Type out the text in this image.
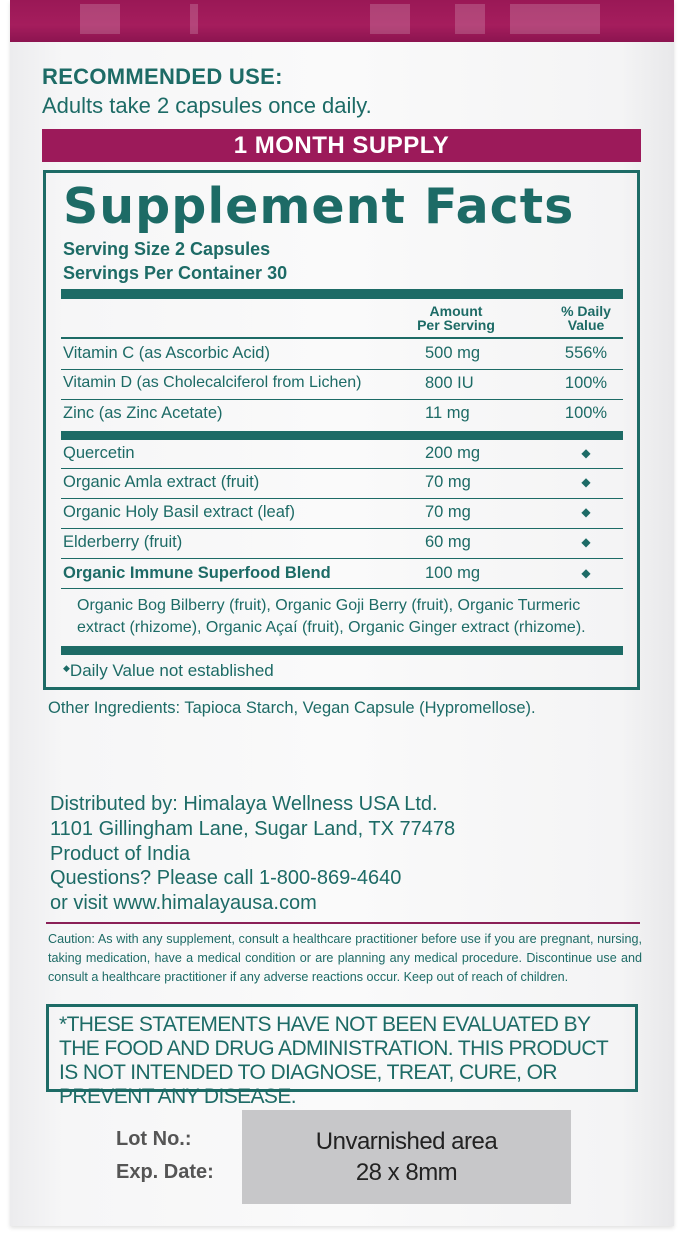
RECOMMENDED USE:
Adults take 2 capsules once daily.
1 MONTH SUPPLY
Supplement Facts
Serving Size 2 Capsules
Servings Per Container 30
Amount
Per Serving
% Daily
Value
Vitamin C (as Ascorbic Acid)	500 mg	556%
Vitamin D (as Cholecalciferol from Lichen)	800 IU	100%
Zinc (as Zinc Acetate)	11 mg	100%
Quercetin	200 mg	◆
Organic Amla extract (fruit)	70 mg	◆
Organic Holy Basil extract (leaf)	70 mg	◆
Elderberry (fruit)	60 mg	◆
Organic Immune Superfood Blend	100 mg	◆
Organic Bog Bilberry (fruit), Organic Goji Berry (fruit), Organic Turmeric extract (rhizome), Organic Açaí (fruit), Organic Ginger extract (rhizome).
◆Daily Value not established
Other Ingredients: Tapioca Starch, Vegan Capsule (Hypromellose).
Distributed by: Himalaya Wellness USA Ltd.
1101 Gillingham Lane, Sugar Land, TX 77478
Product of India
Questions? Please call 1-800-869-4640
or visit www.himalayausa.com
Caution: As with any supplement, consult a healthcare practitioner before use if you are pregnant, nursing, taking medication, have a medical condition or are planning any medical procedure. Discontinue use and consult a healthcare practitioner if any adverse reactions occur. Keep out of reach of children.
*THESE STATEMENTS HAVE NOT BEEN EVALUATED BY THE FOOD AND DRUG ADMINISTRATION. THIS PRODUCT IS NOT INTENDED TO DIAGNOSE, TREAT, CURE, OR PREVENT ANY DISEASE.
Lot No.:
Exp. Date:
Unvarnished area
28 x 8mm
